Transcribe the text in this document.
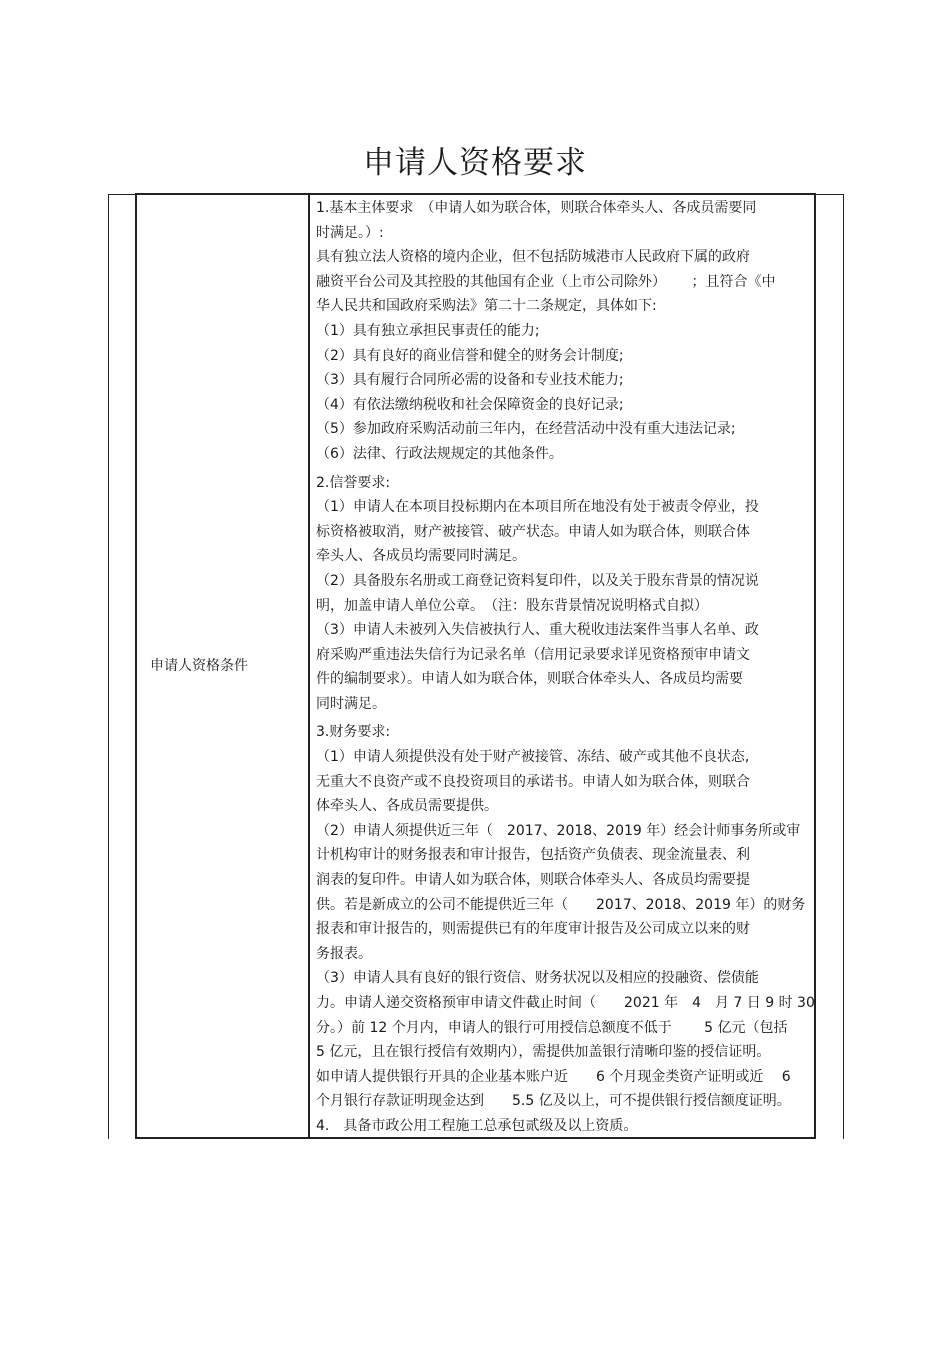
申请人资格要求
申请人资格条件
1.基本主体要求　（申请人如为联合体，则联合体牵头人、各成员需要同
时满足。）:
具有独立法人资格的境内企业，但不包括防城港市人民政府下属的政府
融资平台公司及其控股的其他国有企业（上市公司除外）　　 ；且符合《中
华人民共和国政府采购法》第二十二条规定，具体如下:
（1）具有独立承担民事责任的能力;
（2）具有良好的商业信誉和健全的财务会计制度;
（3）具有履行合同所必需的设备和专业技术能力;
（4）有依法缴纳税收和社会保障资金的良好记录;
（5）参加政府采购活动前三年内，在经营活动中没有重大违法记录;
（6）法律、行政法规规定的其他条件。
2.信誉要求:
（1）申请人在本项目投标期内在本项目所在地没有处于被责令停业，投
标资格被取消，财产被接管、破产状态。申请人如为联合体，则联合体
牵头人、各成员均需要同时满足。
（2）具备股东名册或工商登记资料复印件，以及关于股东背景的情况说
明，加盖申请人单位公章。　（注：股东背景情况说明格式自拟）
（3）申请人未被列入失信被执行人、重大税收违法案件当事人名单、政
府采购严重违法失信行为记录名单（信用记录要求详见资格预审申请文
件的编制要求）。申请人如为联合体，则联合体牵头人、各成员均需要
同时满足。
3.财务要求:
（1）申请人须提供没有处于财产被接管、冻结、破产或其他不良状态,
无重大不良资产或不良投资项目的承诺书。申请人如为联合体，则联合
体牵头人、各成员需要提供。
（2）申请人须提供近三年（　2017、2018、2019 年）经会计师事务所或审
计机构审计的财务报表和审计报告，包括资产负债表、现金流量表、利
润表的复印件。申请人如为联合体，则联合体牵头人、各成员均需要提
供。若是新成立的公司不能提供近三年（　　2017、2018、2019 年）的财务
报表和审计报告的，则需提供已有的年度审计报告及公司成立以来的财
务报表。
（3）申请人具有良好的银行资信、财务状况以及相应的投融资、偿债能
力。申请人递交资格预审申请文件截止时间（　　2021 年　4　月 7 日 9 时 30
分。）前 12 个月内，申请人的银行可用授信总额度不低于　　 5 亿元（包括
5 亿元，且在银行授信有效期内），需提供加盖银行清晰印鉴的授信证明。
如申请人提供银行开具的企业基本账户近　　6 个月现金类资产证明或近　 6
个月银行存款证明现金达到　　5.5 亿及以上，可不提供银行授信额度证明。
4.　具备市政公用工程施工总承包贰级及以上资质。
